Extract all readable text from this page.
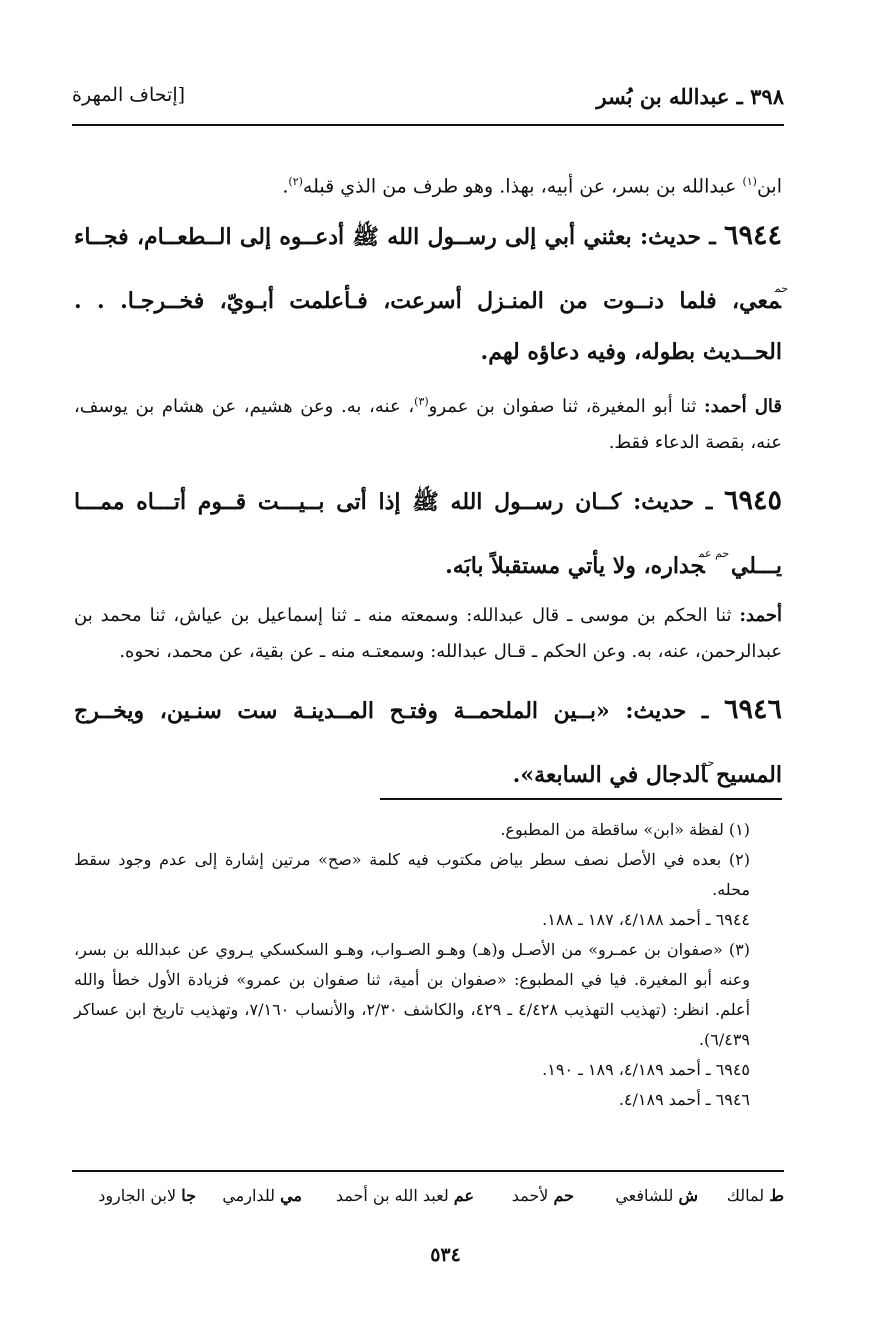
٣٩٨ ـ عبدالله بن بُسر
[إتحاف المهرة

ابن$^{(١)}$ عبدالله بن بسر، عن أبيه، بهذا. وهو طرف من الذي قبله$^{(٢)}$.

٦٩٤٤ ـ حديث: بعثني أبي إلى رســول الله ﷺ أدعــوه إلى الــطعــام، فجــاء $^{حم}$معي، فلما دنــوت من المنـزل أسرعت، فـأعلمت أبـويّ، فخــرجـا. . . الحــديث بطوله، وفيه دعاؤه لهم.

قال أحمد: ثنا أبو المغيرة، ثنا صفوان بن عمرو$^{(٣)}$، عنه، به. وعن هشيم، عن هشام بن يوسف، عنه، بقصة الدعاء فقط.

٦٩٤٥ ـ حديث: كــان رســول الله ﷺ إذا أتى بــيـــت قــوم أتـــاه ممـــا يـــلي $^{حم عم}$جداره، ولا يأتي مستقبلاً بابَه.

أحمد: ثنا الحكم بن موسى ـ قال عبدالله: وسمعته منه ـ ثنا إسماعيل بن عياش، ثنا محمد بن عبدالرحمن، عنه، به. وعن الحكم ـ قـال عبدالله: وسمعتـه منه ـ عن بقية، عن محمد، نحوه.

٦٩٤٦ ـ حديث: «بــين الملحمــة وفتـح المــدينـة ست سنـين، ويخــرج المسيح $^{حم}$الدجال في السابعة».

(١) لفظة «ابن» ساقطة من المطبوع.

(٢) بعده في الأصل نصف سطر بياض مكتوب فيه كلمة «صح» مرتين إشارة إلى عدم وجود سقط محله.

٦٩٤٤ ـ أحمد ٤/١٨٨، ١٨٧ ـ ١٨٨.

(٣) «صفوان بن عمـرو» من الأصـل و(هـ) وهـو الصـواب، وهـو السكسكي يـروي عن عبدالله بن بسر، وعنه أبو المغيرة. فيا في المطبوع: «صفوان بن أمية، ثنا صفوان بن عمرو» فزيادة الأول خطأ والله أعلم. انظر: (تهذيب التهذيب ٤/٤٢٨ ـ ٤٢٩، والكاشف ٢/٣٠، والأنساب ٧/١٦٠، وتهذيب تاريخ ابن عساكر ٦/٤٣٩).

٦٩٤٥ ـ أحمد ٤/١٨٩، ١٨٩ ـ ١٩٠.

٦٩٤٦ ـ أحمد ٤/١٨٩.

ط لمالك
ش للشافعي
حم لأحمد
عم لعبد الله بن أحمد
مي للدارمي
جا لابن الجارود
٥٣٤
